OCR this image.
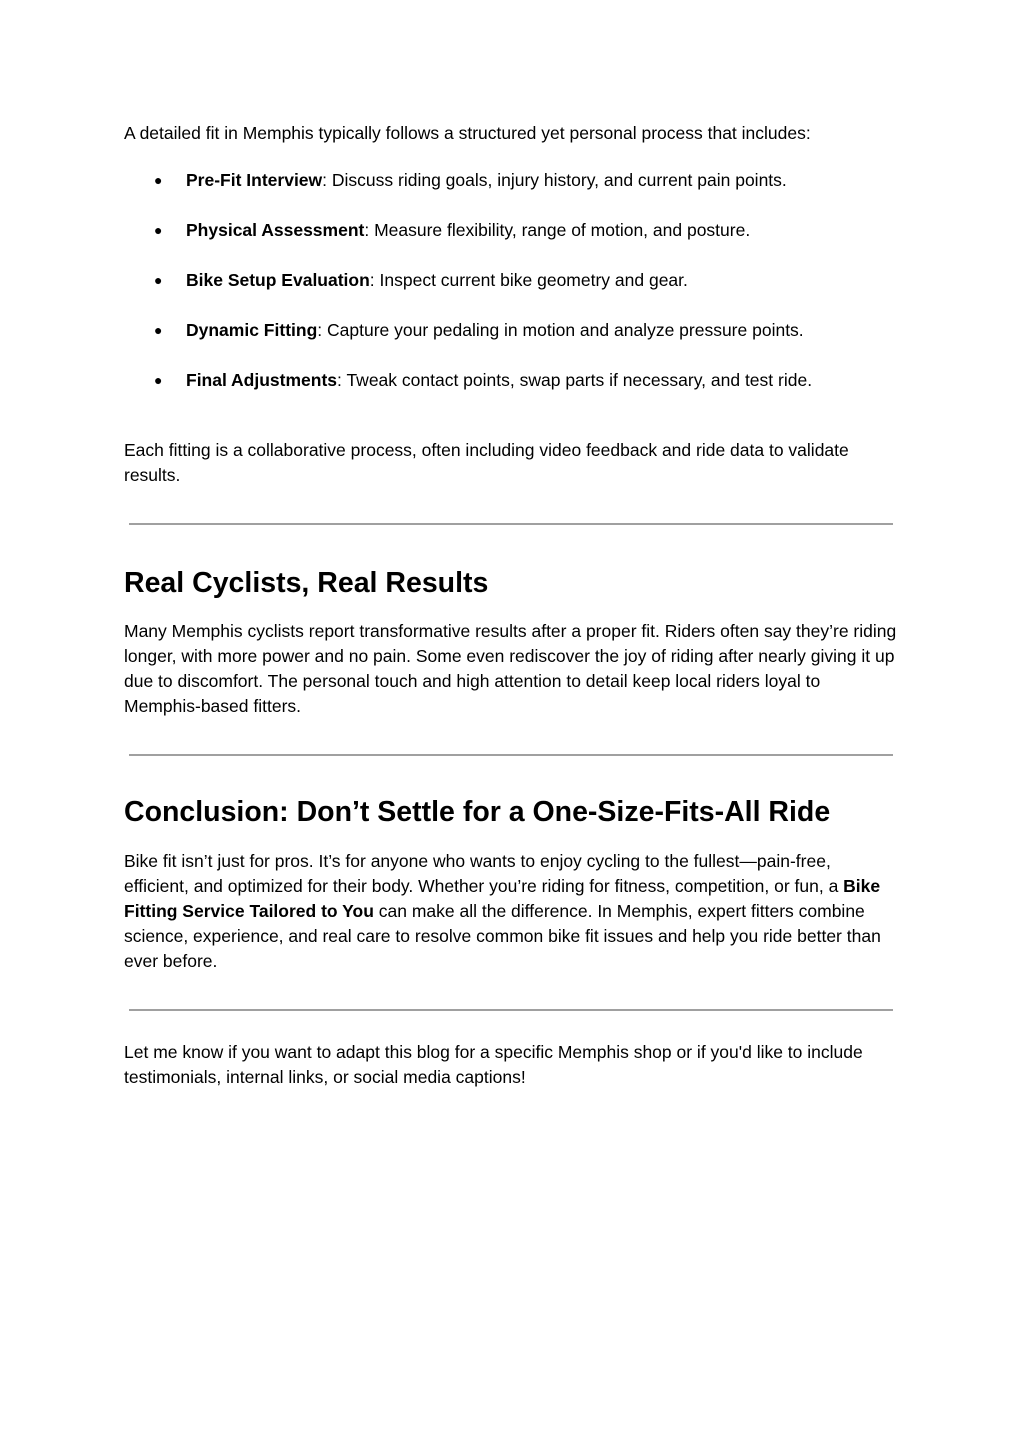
A detailed fit in Memphis typically follows a structured yet personal process that includes:

● Pre-Fit Interview: Discuss riding goals, injury history, and current pain points.
● Physical Assessment: Measure flexibility, range of motion, and posture.
● Bike Setup Evaluation: Inspect current bike geometry and gear.
● Dynamic Fitting: Capture your pedaling in motion and analyze pressure points.
● Final Adjustments: Tweak contact points, swap parts if necessary, and test ride.

Each fitting is a collaborative process, often including video feedback and ride data to validate results.

Real Cyclists, Real Results

Many Memphis cyclists report transformative results after a proper fit. Riders often say they’re riding longer, with more power and no pain. Some even rediscover the joy of riding after nearly giving it up due to discomfort. The personal touch and high attention to detail keep local riders loyal to Memphis-based fitters.

Conclusion: Don’t Settle for a One-Size-Fits-All Ride

Bike fit isn’t just for pros. It’s for anyone who wants to enjoy cycling to the fullest—pain-free, efficient, and optimized for their body. Whether you’re riding for fitness, competition, or fun, a Bike Fitting Service Tailored to You can make all the difference. In Memphis, expert fitters combine science, experience, and real care to resolve common bike fit issues and help you ride better than ever before.

Let me know if you want to adapt this blog for a specific Memphis shop or if you'd like to include testimonials, internal links, or social media captions!
